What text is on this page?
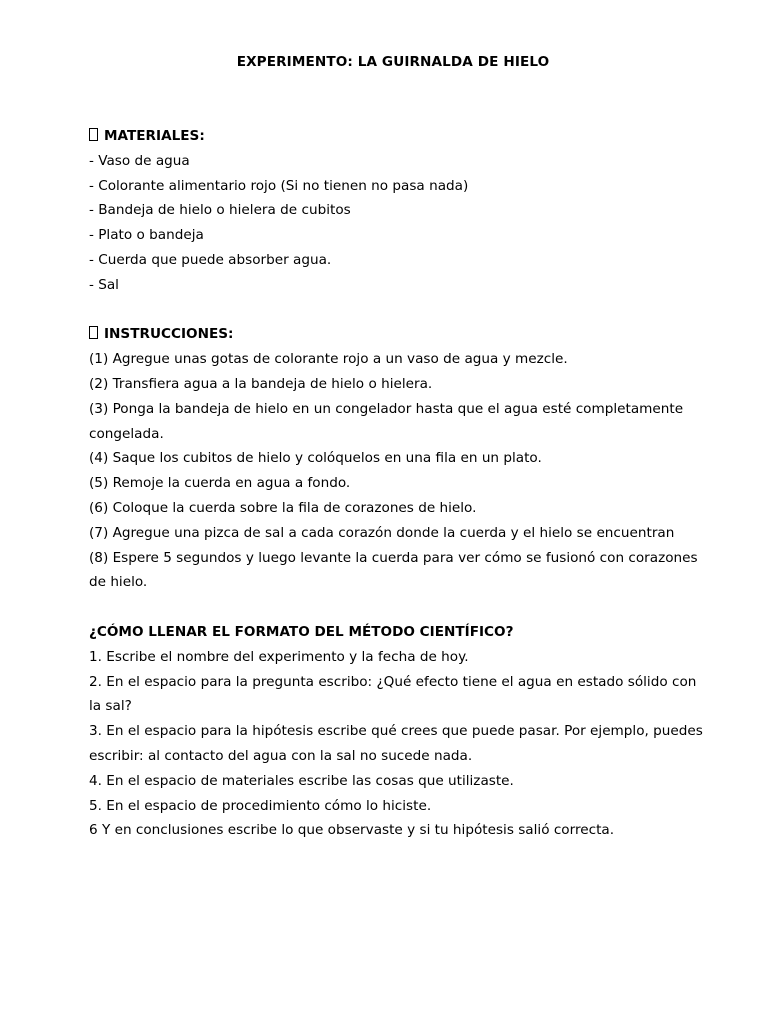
EXPERIMENTO: LA GUIRNALDA DE HIELO
MATERIALES:
- Vaso de agua
- Colorante alimentario rojo (Si no tienen no pasa nada)
- Bandeja de hielo o hielera de cubitos
- Plato o bandeja
- Cuerda que puede absorber agua.
- Sal
INSTRUCCIONES:
(1) Agregue unas gotas de colorante rojo a un vaso de agua y mezcle.
(2) Transfiera agua a la bandeja de hielo o hielera.
(3) Ponga la bandeja de hielo en un congelador hasta que el agua esté completamente congelada.
(4) Saque los cubitos de hielo y colóquelos en una fila en un plato.
(5) Remoje la cuerda en agua a fondo.
(6) Coloque la cuerda sobre la fila de corazones de hielo.
(7) Agregue una pizca de sal a cada corazón donde la cuerda y el hielo se encuentran
(8) Espere 5 segundos y luego levante la cuerda para ver cómo se fusionó con corazones de hielo.
¿CÓMO LLENAR EL FORMATO DEL MÉTODO CIENTÍFICO?
1. Escribe el nombre del experimento y la fecha de hoy.
2. En el espacio para la pregunta escribo: ¿Qué efecto tiene el agua en estado sólido con la sal?
3. En el espacio para la hipótesis escribe qué crees que puede pasar. Por ejemplo, puedes escribir: al contacto del agua con la sal no sucede nada.
4. En el espacio de materiales escribe las cosas que utilizaste.
5. En el espacio de procedimiento cómo lo hiciste.
6 Y en conclusiones escribe lo que observaste y si tu hipótesis salió correcta.
